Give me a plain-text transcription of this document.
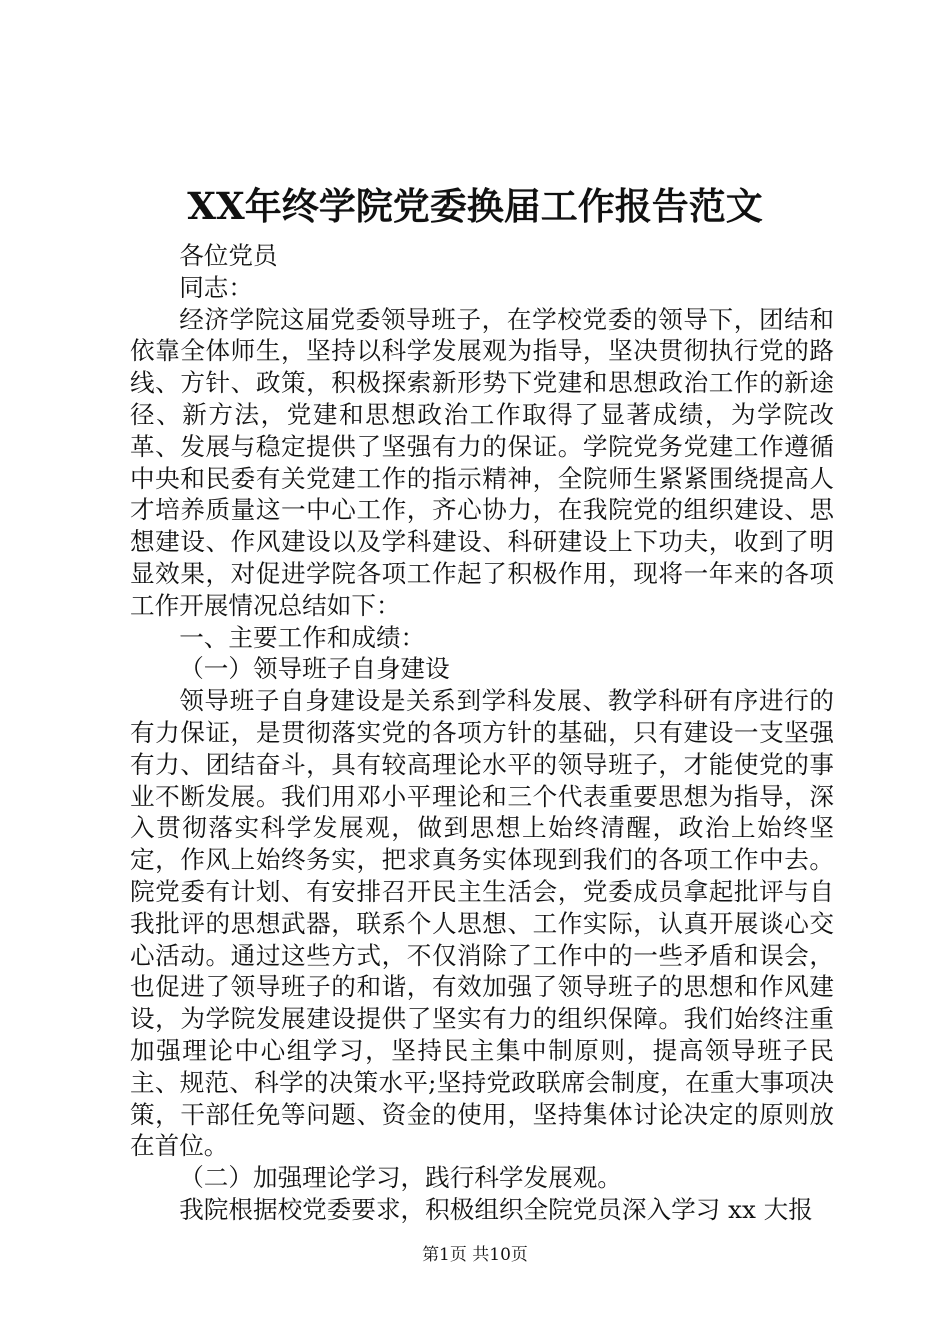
XX年终学院党委换届工作报告范文

各位党员

同志：

经济学院这届党委领导班子，在学校党委的领导下，团结和依靠全体师生，坚持以科学发展观为指导，坚决贯彻执行党的路线、方针、政策，积极探索新形势下党建和思想政治工作的新途径、新方法，党建和思想政治工作取得了显著成绩，为学院改革、发展与稳定提供了坚强有力的保证。学院党务党建工作遵循中央和民委有关党建工作的指示精神，全院师生紧紧围绕提高人才培养质量这一中心工作，齐心协力，在我院党的组织建设、思想建设、作风建设以及学科建设、科研建设上下功夫，收到了明显效果，对促进学院各项工作起了积极作用，现将一年来的各项工作开展情况总结如下：

一、主要工作和成绩：

（一）领导班子自身建设

领导班子自身建设是关系到学科发展、教学科研有序进行的有力保证，是贯彻落实党的各项方针的基础，只有建设一支坚强有力、团结奋斗，具有较高理论水平的领导班子，才能使党的事业不断发展。我们用邓小平理论和三个代表重要思想为指导，深入贯彻落实科学发展观，做到思想上始终清醒，政治上始终坚定，作风上始终务实，把求真务实体现到我们的各项工作中去。院党委有计划、有安排召开民主生活会，党委成员拿起批评与自我批评的思想武器，联系个人思想、工作实际，认真开展谈心交心活动。通过这些方式，不仅消除了工作中的一些矛盾和误会，也促进了领导班子的和谐，有效加强了领导班子的思想和作风建设，为学院发展建设提供了坚实有力的组织保障。我们始终注重加强理论中心组学习，坚持民主集中制原则，提高领导班子民主、规范、科学的决策水平;坚持党政联席会制度，在重大事项决策，干部任免等问题、资金的使用，坚持集体讨论决定的原则放在首位。

（二）加强理论学习，践行科学发展观。

我院根据校党委要求，积极组织全院党员深入学习 xx 大报

第1页 共10页
